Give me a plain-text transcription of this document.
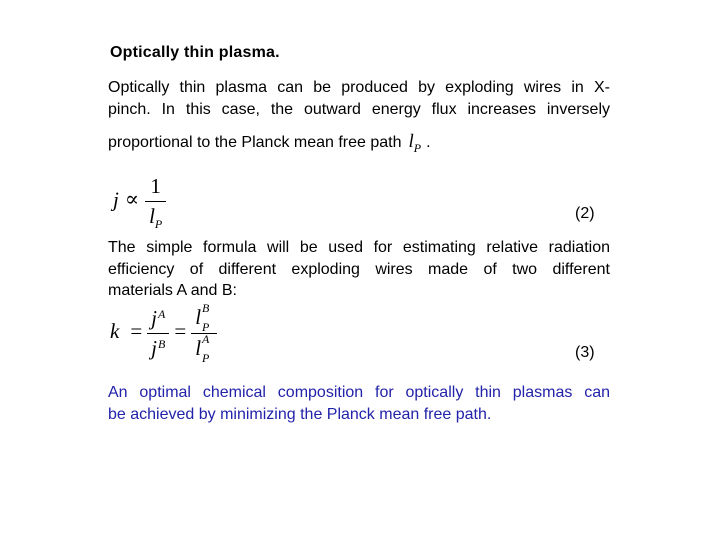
Optically thin plasma.
Optically thin plasma can be produced by exploding wires in X-
pinch. In this case, the outward energy flux increases inversely
proportional to the Planck mean free path $l_P$ .
$j \propto \frac{1}{l_P}$	(2)
The simple formula will be used for estimating relative radiation
efficiency of different exploding wires made of two different
materials A and B:
$k = \frac{j^A}{j^B} = l$ B
P
l A
P	(3)
An optimal chemical composition for optically thin plasmas can
be achieved by minimizing the Planck mean free path.
